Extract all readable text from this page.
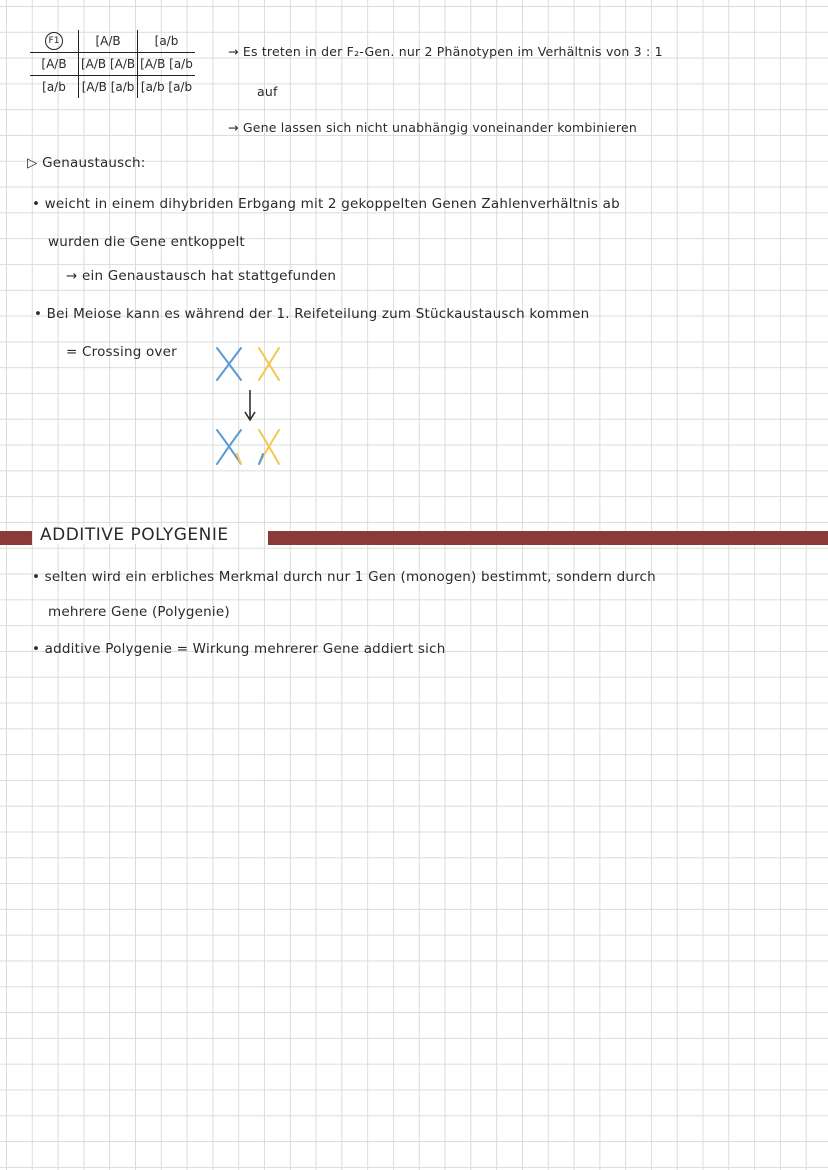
F1	[A/B	[a/b
[A/B	[A/B [A/B	[A/B [a/b
[a/b	[A/B [a/b	[a/b [a/b
→ Es treten in der F₂-Gen. nur 2 Phänotypen im Verhältnis von 3 : 1
auf
→ Gene lassen sich nicht unabhängig voneinander kombinieren
▷ Genaustausch:
• weicht in einem dihybriden Erbgang mit 2 gekoppelten Genen Zahlenverhältnis ab
wurden die Gene entkoppelt
→ ein Genaustausch hat stattgefunden
• Bei Meiose kann es während der 1. Reifeteilung zum Stückaustausch kommen
= Crossing over
ADDITIVE POLYGENIE
• selten wird ein erbliches Merkmal durch nur 1 Gen (monogen) bestimmt, sondern durch
mehrere Gene (Polygenie)
• additive Polygenie = Wirkung mehrerer Gene addiert sich
